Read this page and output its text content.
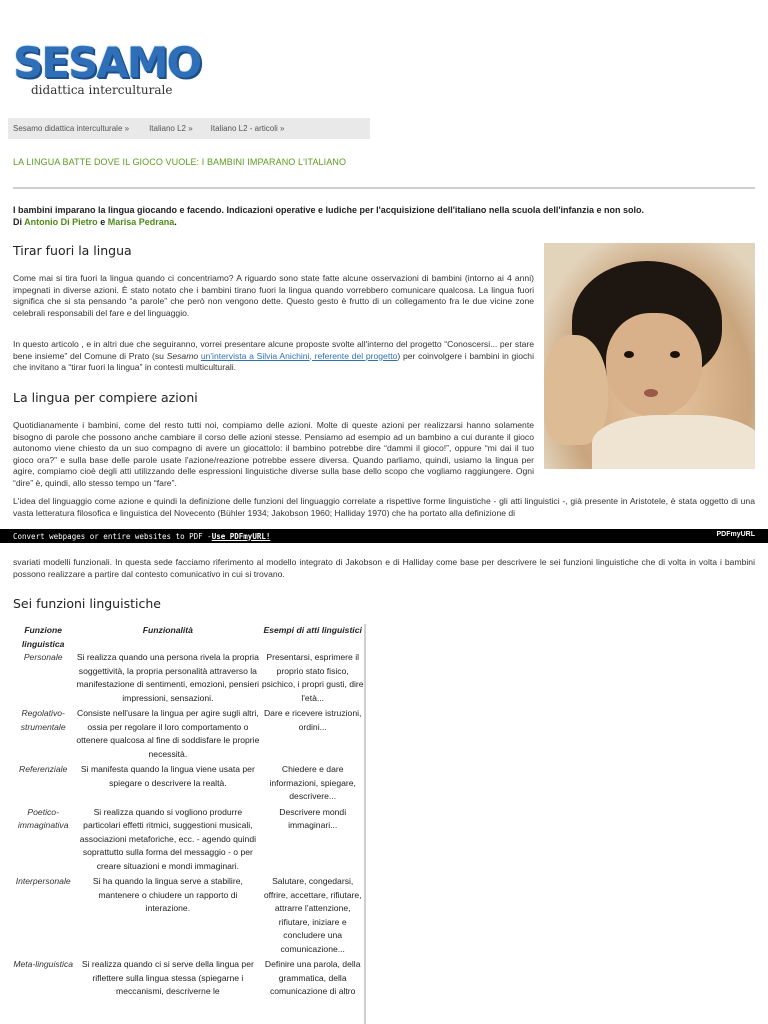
SESAMO
didattica interculturale
Sesamo didattica interculturale »	Italiano L2 » Italiano L2 - articoli »
LA LINGUA BATTE DOVE IL GIOCO VUOLE: I BAMBINI IMPARANO L'ITALIANO
I bambini imparano la lingua giocando e facendo. Indicazioni operative e ludiche per l'acquisizione dell'italiano nella scuola dell'infanzia e non solo.
Di Antonio Di Pietro e Marisa Pedrana.
Tirar fuori la lingua

Come mai si tira fuori la lingua quando ci concentriamo? A riguardo sono state fatte alcune osservazioni di bambini (intorno ai 4 anni) impegnati in diverse azioni. È stato notato che i bambini tirano fuori la lingua quando vorrebbero comunicare qualcosa. La lingua fuori significa che si sta pensando “a parole” che però non vengono dette. Questo gesto è frutto di un collegamento fra le due vicine zone celebrali responsabili del fare e del linguaggio.

In questo articolo , e in altri due che seguiranno, vorrei presentare alcune proposte svolte all'interno del progetto “Conoscersi... per stare bene insieme” del Comune di Prato (su Sesamo un'intervista a Silvia Anichini, referente del progetto) per coinvolgere i bambini in giochi che invitano a “tirar fuori la lingua” in contesti multiculturali.

La lingua per compiere azioni

Quotidianamente i bambini, come del resto tutti noi, compiamo delle azioni. Molte di queste azioni per realizzarsi hanno solamente bisogno di parole che possono anche cambiare il corso delle azioni stesse. Pensiamo ad esempio ad un bambino a cui durante il gioco autonomo viene chiesto da un suo compagno di avere un giocattolo: il bambino potrebbe dire “dammi il gioco!”, oppure “mi dai il tuo gioco ora?” e sulla base delle parole usate l'azione/reazione potrebbe essere diversa. Quando parliamo, quindi, usiamo la lingua per agire, compiamo cioè degli atti utilizzando delle espressioni linguistiche diverse sulla base dello scopo che vogliamo raggiungere. Ogni “dire” è, quindi, allo stesso tempo un “fare”.

L'idea del linguaggio come azione e quindi la definizione delle funzioni del linguaggio correlate a rispettive forme linguistiche - gli atti linguistici -, già presente in Aristotele, è stata oggetto di una vasta letteratura filosofica e linguistica del Novecento (Bühler 1934; Jakobson 1960; Halliday 1970) che ha portato alla definizione di

Convert webpages or entire websites to PDF - Use PDFmyURL!	PDFmyURL

svariati modelli funzionali. In questa sede facciamo riferimento al modello integrato di Jakobson e di Halliday come base per descrivere le sei funzioni linguistiche che di volta in volta i bambini possono realizzare a partire dal contesto comunicativo in cui si trovano.

Sei funzioni linguistiche
Funzione linguistica	Funzionalità	Esempi di atti linguistici
Personale	Si realizza quando una persona rivela la propria soggettività, la propria personalità attraverso la manifestazione di sentimenti, emozioni, pensieri impressioni, sensazioni.	Presentarsi, esprimere il proprio stato fisico, psichico, i propri gusti, dire l'età...
Regolativo-strumentale	Consiste nell'usare la lingua per agire sugli altri, ossia per regolare il loro comportamento o ottenere qualcosa al fine di soddisfare le proprie necessità.	Dare e ricevere istruzioni, ordini...
Referenziale	Si manifesta quando la lingua viene usata per spiegare o descrivere la realtà.	Chiedere e dare informazioni, spiegare, descrivere...
Poetico-immaginativa	Si realizza quando si vogliono produrre particolari effetti ritmici, suggestioni musicali, associazioni metaforiche, ecc. - agendo quindi soprattutto sulla forma del messaggio - o per creare situazioni e mondi immaginari.	Descrivere mondi immaginari...
Interpersonale	Si ha quando la lingua serve a stabilire, mantenere o chiudere un rapporto di interazione.	Salutare, congedarsi, offrire, accettare, rifiutare, attrarre l'attenzione, rifiutare, iniziare e concludere una comunicazione...
Meta-linguistica	Si realizza quando ci si serve della lingua per riflettere sulla lingua stessa (spiegarne i meccanismi, descriverne le	Definire una parola, della grammatica, della comunicazione di altro
